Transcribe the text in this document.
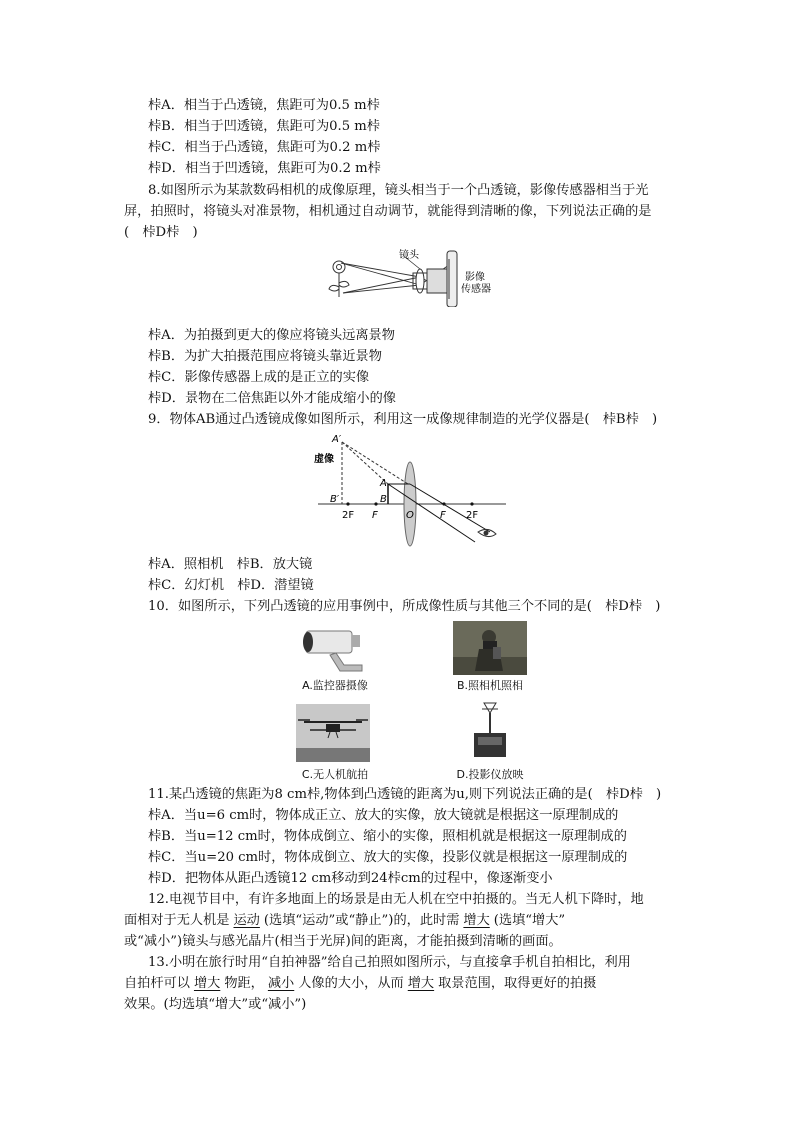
桛A．相当于凸透镜，焦距可为0.5 m桛
桛B．相当于凹透镜，焦距可为0.5 m桛
桛C．相当于凸透镜，焦距可为0.2 m桛
桛D．相当于凹透镜，焦距可为0.2 m桛
8.如图所示为某款数码相机的成像原理，镜头相当于一个凸透镜，影像传感器相当于光
屏，拍照时，将镜头对准景物，相机通过自动调节，就能得到清晰的像，下列说法正确的是
(　桛D桛　)
镜头
影像
传感器
桛A．为拍摄到更大的像应将镜头远离景物
桛B．为扩大拍摄范围应将镜头靠近景物
桛C．影像传感器上成的是正立的实像
桛D．景物在二倍焦距以外才能成缩小的像
9．物体AB通过凸透镜成像如图所示，利用这一成像规律制造的光学仪器是(　桛B桛　)
虚像
A′
B′
A
B
2F F	O	F 2F
桛A．照相机　桛B．放大镜
桛C．幻灯机　桛D．潜望镜
10．如图所示，下列凸透镜的应用事例中，所成像性质与其他三个不同的是(　桛D桛　)
A.监控器摄像	B.照相机照相
C.无人机航拍	D.投影仪放映
11.某凸透镜的焦距为8 cm桛,物体到凸透镜的距离为u,则下列说法正确的是(　桛D桛　)
桛A．当u=6 cm时，物体成正立、放大的实像，放大镜就是根据这一原理制成的
桛B．当u=12 cm时，物体成倒立、缩小的实像，照相机就是根据这一原理制成的
桛C．当u=20 cm时，物体成倒立、放大的实像，投影仪就是根据这一原理制成的
桛D．把物体从距凸透镜12 cm移动到24桛cm的过程中，像逐渐变小
12.电视节目中，有许多地面上的场景是由无人机在空中拍摄的。当无人机下降时，地
面相对于无人机是 运动 (选填“运动”或“静止”)的，此时需 增大 (选填“增大”
或“减小”)镜头与感光晶片(相当于光屏)间的距离，才能拍摄到清晰的画面。
13.小明在旅行时用“自拍神器”给自己拍照如图所示，与直接拿手机自拍相比，利用
自拍杆可以 增大 物距， 减小 人像的大小，从而 增大 取景范围，取得更好的拍摄
效果。(均选填“增大”或“减小”)
